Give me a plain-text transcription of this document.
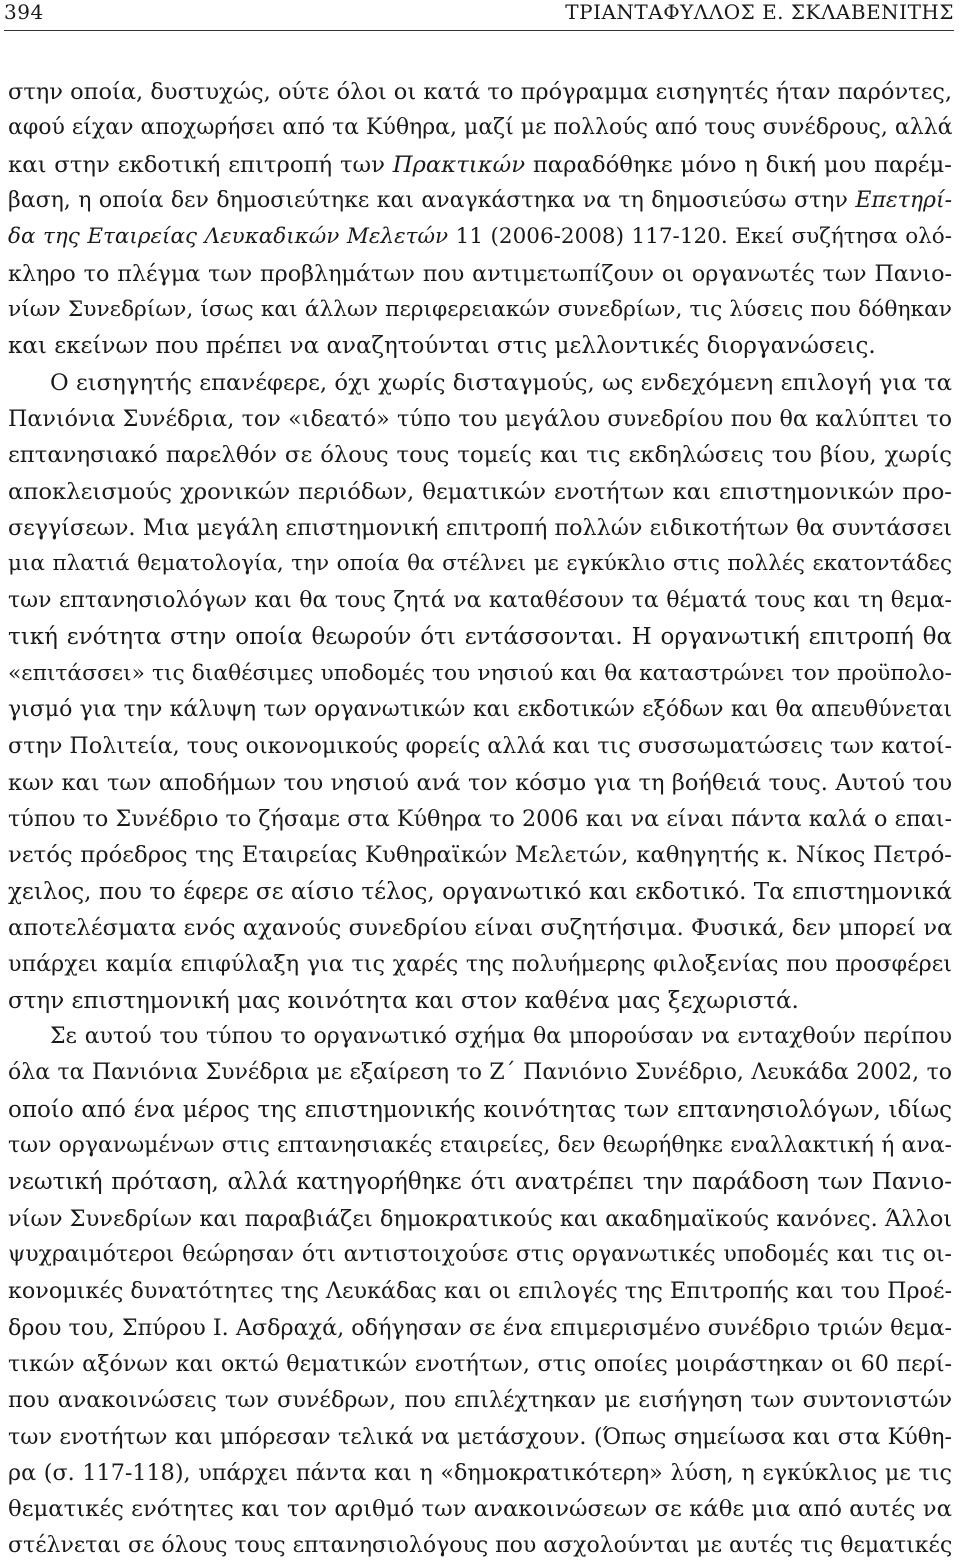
394	ΤΡΙΑΝΤΑΦΥΛΛΟΣ Ε. ΣΚΛΑΒΕΝΙΤΗΣ
στην οποία, δυστυχώς, ούτε όλοι οι κατά το πρόγραμμα εισηγητές ήταν παρόντες,
αφού είχαν αποχωρήσει από τα Κύθηρα, μαζί με πολλούς από τους συνέδρους, αλλά
και στην εκδοτική επιτροπή των Πρακτικών παραδόθηκε μόνο η δική μου παρέμ-
βαση, η οποία δεν δημοσιεύτηκε και αναγκάστηκα να τη δημοσιεύσω στην Επετηρί-
δα της Εταιρείας Λευκαδικών Μελετών 11 (2006-2008) 117-120. Εκεί συζήτησα ολό-
κληρο το πλέγμα των προβλημάτων που αντιμετωπίζουν οι οργανωτές των Πανιο-
νίων Συνεδρίων, ίσως και άλλων περιφερειακών συνεδρίων, τις λύσεις που δόθηκαν
και εκείνων που πρέπει να αναζητούνται στις μελλοντικές διοργανώσεις.
Ο εισηγητής επανέφερε, όχι χωρίς δισταγμούς, ως ενδεχόμενη επιλογή για τα
Πανιόνια Συνέδρια, τον «ιδεατό» τύπο του μεγάλου συνεδρίου που θα καλύπτει το
επτανησιακό παρελθόν σε όλους τους τομείς και τις εκδηλώσεις του βίου, χωρίς
αποκλεισμούς χρονικών περιόδων, θεματικών ενοτήτων και επιστημονικών προ-
σεγγίσεων. Μια μεγάλη επιστημονική επιτροπή πολλών ειδικοτήτων θα συντάσσει
μια πλατιά θεματολογία, την οποία θα στέλνει με εγκύκλιο στις πολλές εκατοντάδες
των επτανησιολόγων και θα τους ζητά να καταθέσουν τα θέματά τους και τη θεμα-
τική ενότητα στην οποία θεωρούν ότι εντάσσονται. Η οργανωτική επιτροπή θα
«επιτάσσει» τις διαθέσιμες υποδομές του νησιού και θα καταστρώνει τον προϋπολο-
γισμό για την κάλυψη των οργανωτικών και εκδοτικών εξόδων και θα απευθύνεται
στην Πολιτεία, τους οικονομικούς φορείς αλλά και τις συσσωματώσεις των κατοί-
κων και των αποδήμων του νησιού ανά τον κόσμο για τη βοήθειά τους. Αυτού του
τύπου το Συνέδριο το ζήσαμε στα Κύθηρα το 2006 και να είναι πάντα καλά ο επαι-
νετός πρόεδρος της Εταιρείας Κυθηραϊκών Μελετών, καθηγητής κ. Νίκος Πετρό-
χειλος, που το έφερε σε αίσιο τέλος, οργανωτικό και εκδοτικό. Τα επιστημονικά
αποτελέσματα ενός αχανούς συνεδρίου είναι συζητήσιμα. Φυσικά, δεν μπορεί να
υπάρχει καμία επιφύλαξη για τις χαρές της πολυήμερης φιλοξενίας που προσφέρει
στην επιστημονική μας κοινότητα και στον καθένα μας ξεχωριστά.
Σε αυτού του τύπου το οργανωτικό σχήμα θα μπορούσαν να ενταχθούν περίπου
όλα τα Πανιόνια Συνέδρια με εξαίρεση το Ζ΄ Πανιόνιο Συνέδριο, Λευκάδα 2002, το
οποίο από ένα μέρος της επιστημονικής κοινότητας των επτανησιολόγων, ιδίως
των οργανωμένων στις επτανησιακές εταιρείες, δεν θεωρήθηκε εναλλακτική ή ανα-
νεωτική πρόταση, αλλά κατηγορήθηκε ότι ανατρέπει την παράδοση των Πανιο-
νίων Συνεδρίων και παραβιάζει δημοκρατικούς και ακαδημαϊκούς κανόνες. Άλλοι
ψυχραιμότεροι θεώρησαν ότι αντιστοιχούσε στις οργανωτικές υποδομές και τις οι-
κονομικές δυνατότητες της Λευκάδας και οι επιλογές της Επιτροπής και του Προέ-
δρου του, Σπύρου Ι. Ασδραχά, οδήγησαν σε ένα επιμερισμένο συνέδριο τριών θεμα-
τικών αξόνων και οκτώ θεματικών ενοτήτων, στις οποίες μοιράστηκαν οι 60 περί-
που ανακοινώσεις των συνέδρων, που επιλέχτηκαν με εισήγηση των συντονιστών
των ενοτήτων και μπόρεσαν τελικά να μετάσχουν. (Όπως σημείωσα και στα Κύθη-
ρα (σ. 117-118), υπάρχει πάντα και η «δημοκρατικότερη» λύση, η εγκύκλιος με τις
θεματικές ενότητες και τον αριθμό των ανακοινώσεων σε κάθε μια από αυτές να
στέλνεται σε όλους τους επτανησιολόγους που ασχολούνται με αυτές τις θεματικές
